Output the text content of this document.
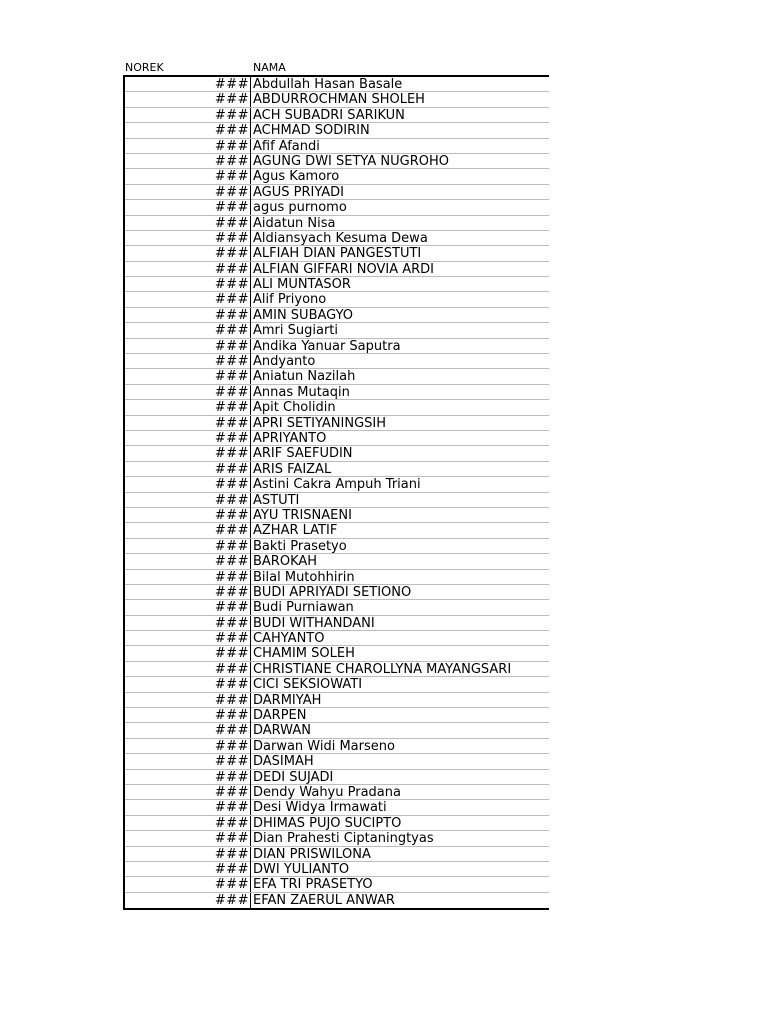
NOREK	NAMA
### Abdullah Hasan Basale
### ABDURROCHMAN SHOLEH
### ACH SUBADRI SARIKUN
### ACHMAD SODIRIN
### Afif Afandi
### AGUNG DWI SETYA NUGROHO
### Agus Kamoro
### AGUS PRIYADI
### agus purnomo
### Aidatun Nisa
### Aldiansyach Kesuma Dewa
### ALFIAH DIAN PANGESTUTI
### ALFIAN GIFFARI NOVIA ARDI
### ALI MUNTASOR
### Alif Priyono
### AMIN SUBAGYO
### Amri Sugiarti
### Andika Yanuar Saputra
### Andyanto
### Aniatun Nazilah
### Annas Mutaqin
### Apit Cholidin
### APRI SETIYANINGSIH
### APRIYANTO
### ARIF SAEFUDIN
### ARIS FAIZAL
### Astini Cakra Ampuh Triani
### ASTUTI
### AYU TRISNAENI
### AZHAR LATIF
### Bakti Prasetyo
### BAROKAH
### Bilal Mutohhirin
### BUDI APRIYADI SETIONO
### Budi Purniawan
### BUDI WITHANDANI
### CAHYANTO
### CHAMIM SOLEH
### CHRISTIANE CHAROLLYNA MAYANGSARI
### CICI SEKSIOWATI
### DARMIYAH
### DARPEN
### DARWAN
### Darwan Widi Marseno
### DASIMAH
### DEDI SUJADI
### Dendy Wahyu Pradana
### Desi Widya Irmawati
### DHIMAS PUJO SUCIPTO
### Dian Prahesti Ciptaningtyas
### DIAN PRISWILONA
### DWI YULIANTO
### EFA TRI PRASETYO
### EFAN ZAERUL ANWAR
